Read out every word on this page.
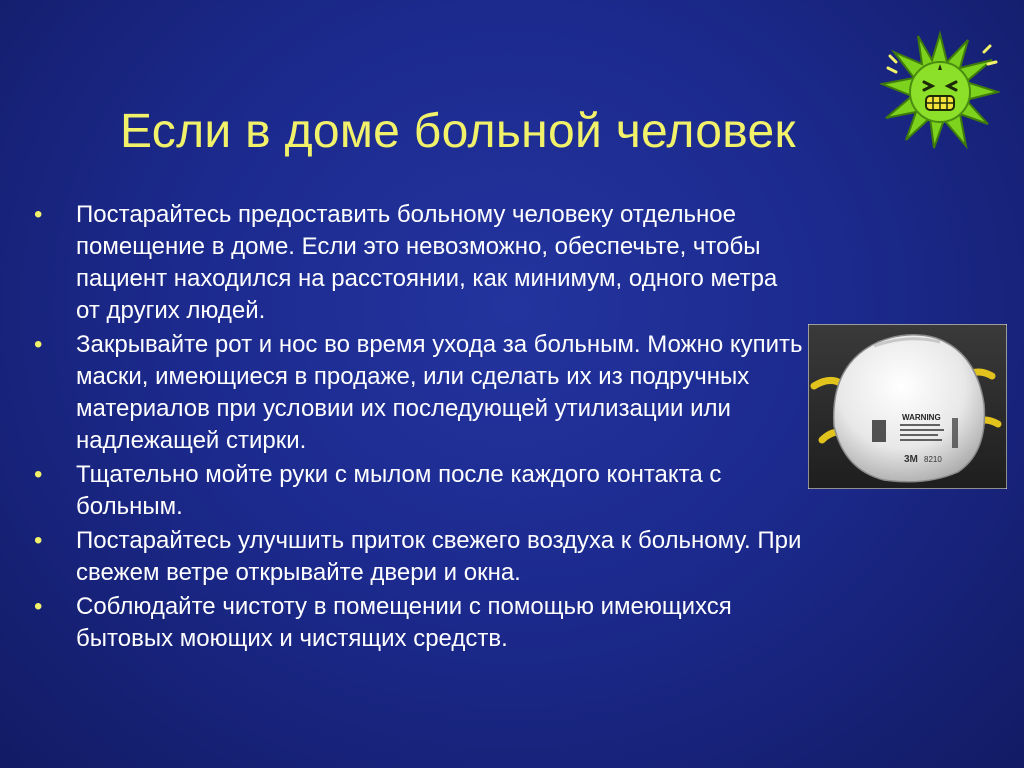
Если в доме больной человек
• Постарайтесь предоставить больному человеку отдельное помещение в доме. Если это невозможно, обеспечьте, чтобы пациент находился на расстоянии, как минимум, одного метра от других людей.
• Закрывайте рот и нос во время ухода за больным. Можно купить маски, имеющиеся в продаже, или сделать их из подручных материалов при условии их последующей утилизации или надлежащей стирки.
• Тщательно мойте руки с мылом после каждого контакта с больным.
• Постарайтесь улучшить приток свежего воздуха к больному. При свежем ветре открывайте двери и окна.
• Соблюдайте чистоту в помещении с помощью имеющихся бытовых моющих и чистящих средств.
WARNING
3M 8210
